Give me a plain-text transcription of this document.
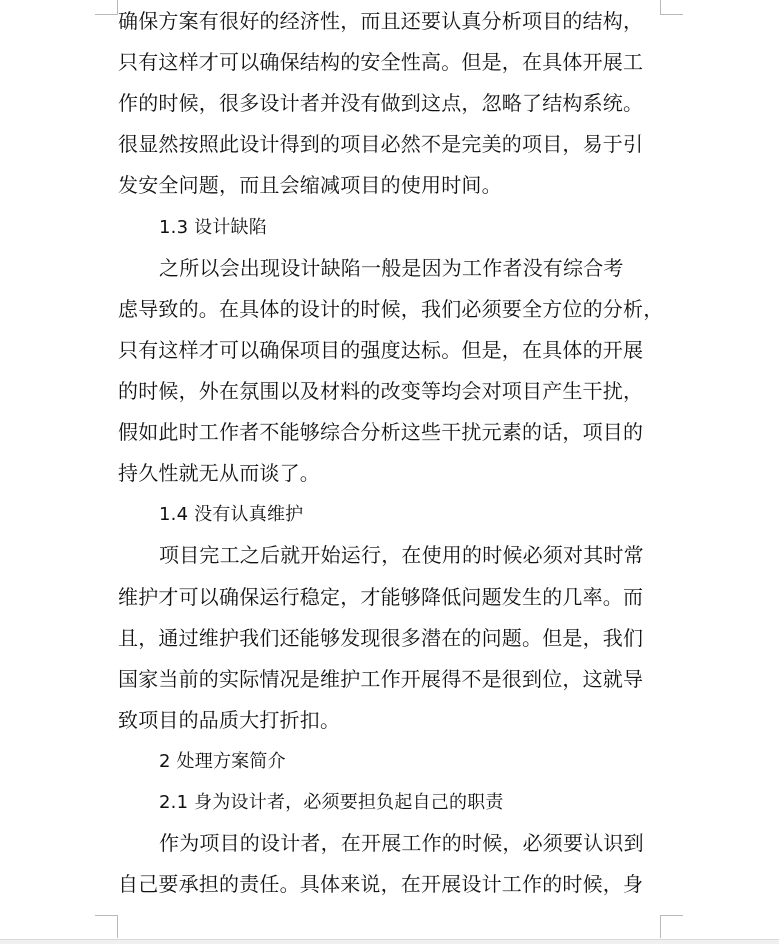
确保方案有很好的经济性，而且还要认真分析项目的结构，
只有这样才可以确保结构的安全性高。但是，在具体开展工
作的时候，很多设计者并没有做到这点，忽略了结构系统。
很显然按照此设计得到的项目必然不是完美的项目，易于引
发安全问题，而且会缩减项目的使用时间。
1.3 设计缺陷
之所以会出现设计缺陷一般是因为工作者没有综合考
虑导致的。在具体的设计的时候，我们必须要全方位的分析，
只有这样才可以确保项目的强度达标。但是，在具体的开展
的时候，外在氛围以及材料的改变等均会对项目产生干扰，
假如此时工作者不能够综合分析这些干扰元素的话，项目的
持久性就无从而谈了。
1.4 没有认真维护
项目完工之后就开始运行，在使用的时候必须对其时常
维护才可以确保运行稳定，才能够降低问题发生的几率。而
且，通过维护我们还能够发现很多潜在的问题。但是，我们
国家当前的实际情况是维护工作开展得不是很到位，这就导
致项目的品质大打折扣。
2 处理方案简介
2.1 身为设计者，必须要担负起自己的职责
作为项目的设计者，在开展工作的时候，必须要认识到
自己要承担的责任。具体来说，在开展设计工作的时候，身
